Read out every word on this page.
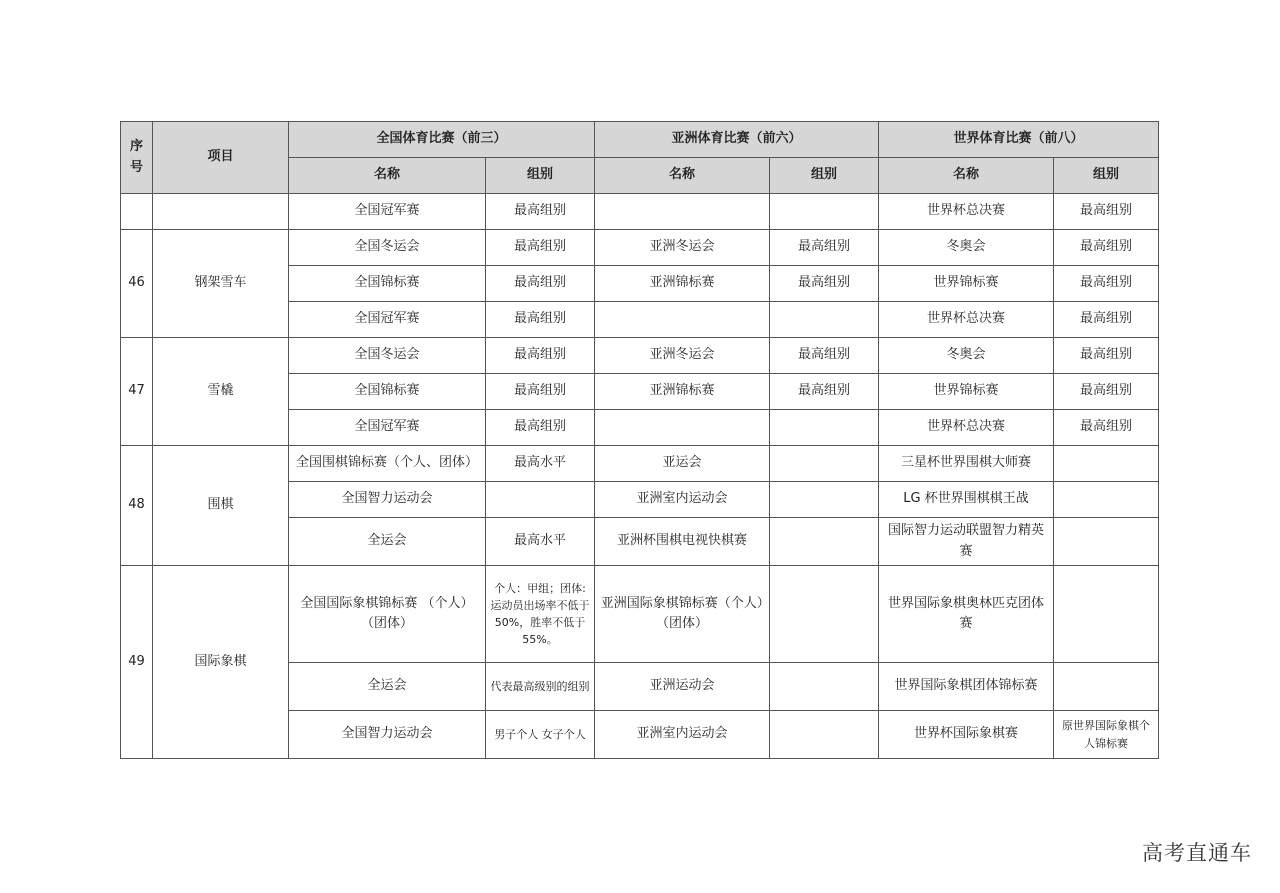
序
号	项目	全国体育比赛（前三）		亚洲体育比赛（前六）		世界体育比赛（前八）	
		名称	组别	名称	组别	名称	组别
		全国冠军赛	最高组别			世界杯总决赛	最高组别
46	钢架雪车	全国冬运会	最高组别	亚洲冬运会	最高组别	冬奥会	最高组别
		全国锦标赛	最高组别	亚洲锦标赛	最高组别	世界锦标赛	最高组别
		全国冠军赛	最高组别			世界杯总决赛	最高组别
47	雪橇	全国冬运会	最高组别	亚洲冬运会	最高组别	冬奥会	最高组别
		全国锦标赛	最高组别	亚洲锦标赛	最高组别	世界锦标赛	最高组别
		全国冠军赛	最高组别			世界杯总决赛	最高组别
48	围棋	全国围棋锦标赛（个人、团体）	最高水平	亚运会		三星杯世界围棋大师赛	
		全国智力运动会		亚洲室内运动会		LG 杯世界围棋棋王战	
		全运会	最高水平	亚洲杯围棋电视快棋赛		国际智力运动联盟智力精英赛	
49	国际象棋	全国国际象棋锦标赛 （个人）（团体）	个人：甲组；团体:运动员出场率不低于 50%，胜率不低于 55%。	亚洲国际象棋锦标赛（个人）（团体）		世界国际象棋奥林匹克团体赛	
		全运会	代表最高级别的组别	亚洲运动会		世界国际象棋团体锦标赛	
		全国智力运动会	男子个人 女子个人	亚洲室内运动会		世界杯国际象棋赛	原世界国际象棋个人锦标赛
高考直通车
